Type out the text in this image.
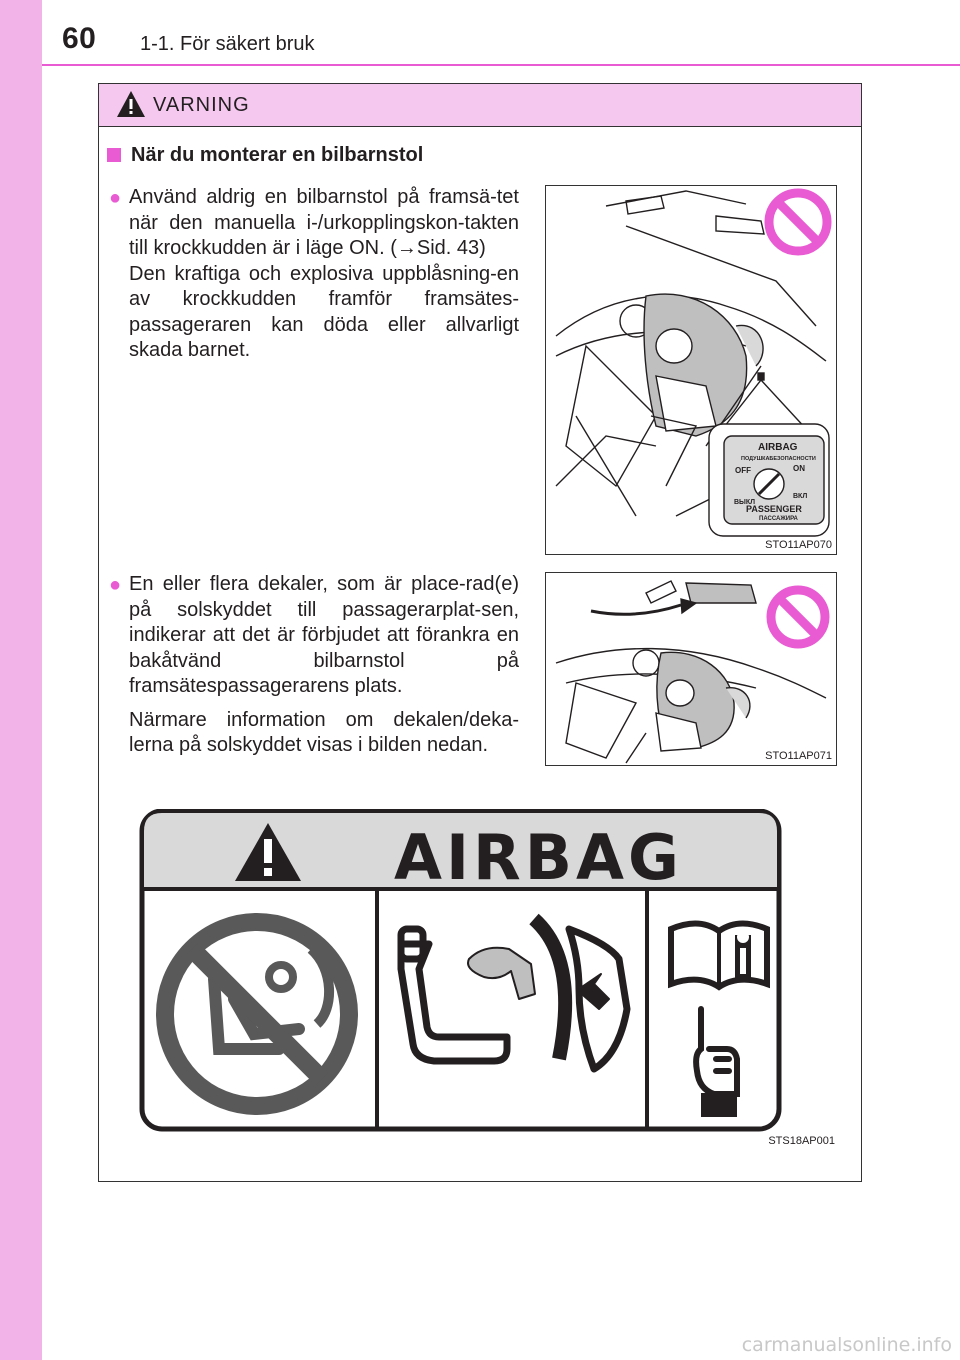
60 1-1. För säkert bruk
VARNING
När du monterar en bilbarnstol
● Använd aldrig en bilbarnstol på framsä-tet när den manuella i-/urkopplingskon-takten till krockkudden är i läge ON. (→Sid. 43)

Den kraftiga och explosiva uppblåsning-en av krockkudden framför framsätes-passageraren kan döda eller allvarligt skada barnet.

AIRBAG
ПОДУШКАБЕЗОПАСНОСТИ
OFF	ON
ВЫКЛ
ВКЛ
PASSENGER
ПАССАЖИРА
STO11AP070
● En eller flera dekaler, som är place-rad(e) på solskyddet till passagerarplat-sen, indikerar att det är förbjudet att förankra en bakåtvänd bilbarnstol på framsätespassagerarens plats.

Närmare information om dekalen/deka-lerna på solskyddet visas i bilden nedan.	STO11AP071
AIRBAG
STS18AP001
carmanualsonline.info
